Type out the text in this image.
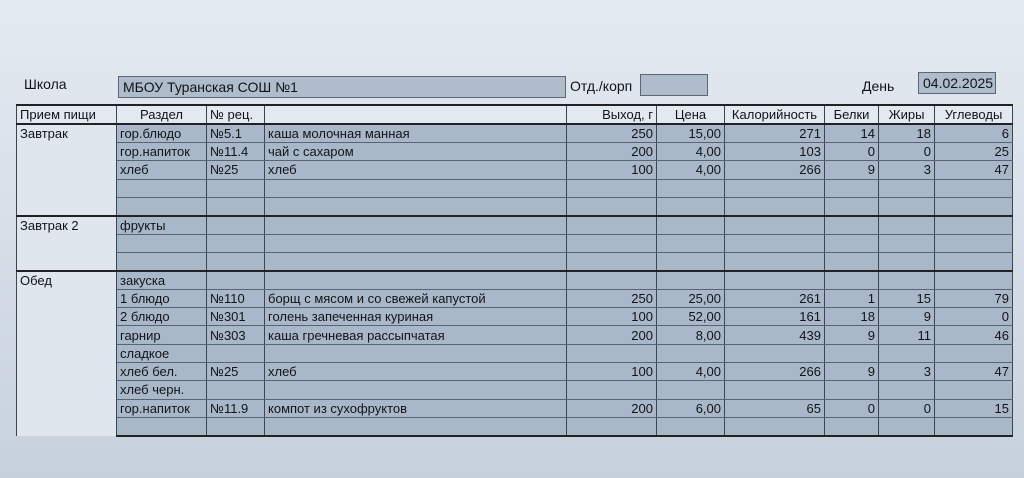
Школа	МБОУ Туранская СОШ №1	Отд./корп	День	04.02.2025
Прием пищи	Раздел	№ рец.		Выход, г	Цена	Калорийность	Белки	Жиры	Углеводы
Завтрак	гор.блюдо	№5.1	каша молочная манная	250	15,00	271	14	18	6
	гор.напиток	№11.4	чай с сахаром	200	4,00	103	0	0	25
	хлеб	№25	хлеб	100	4,00	266	9	3	47

Завтрак 2	фрукты								

Обед	закуска								
	1 блюдо	№110	борщ с мясом и со свежей капустой	250	25,00	261	1	15	79
	2 блюдо	№301	голень запеченная куриная	100	52,00	161	18	9	0
	гарнир	№303	каша гречневая рассыпчатая	200	8,00	439	9	11	46
	сладкое								
	хлеб бел.	№25	хлеб	100	4,00	266	9	3	47
	хлеб черн.								
	гор.напиток	№11.9	компот из сухофруктов	200	6,00	65	0	0	15
